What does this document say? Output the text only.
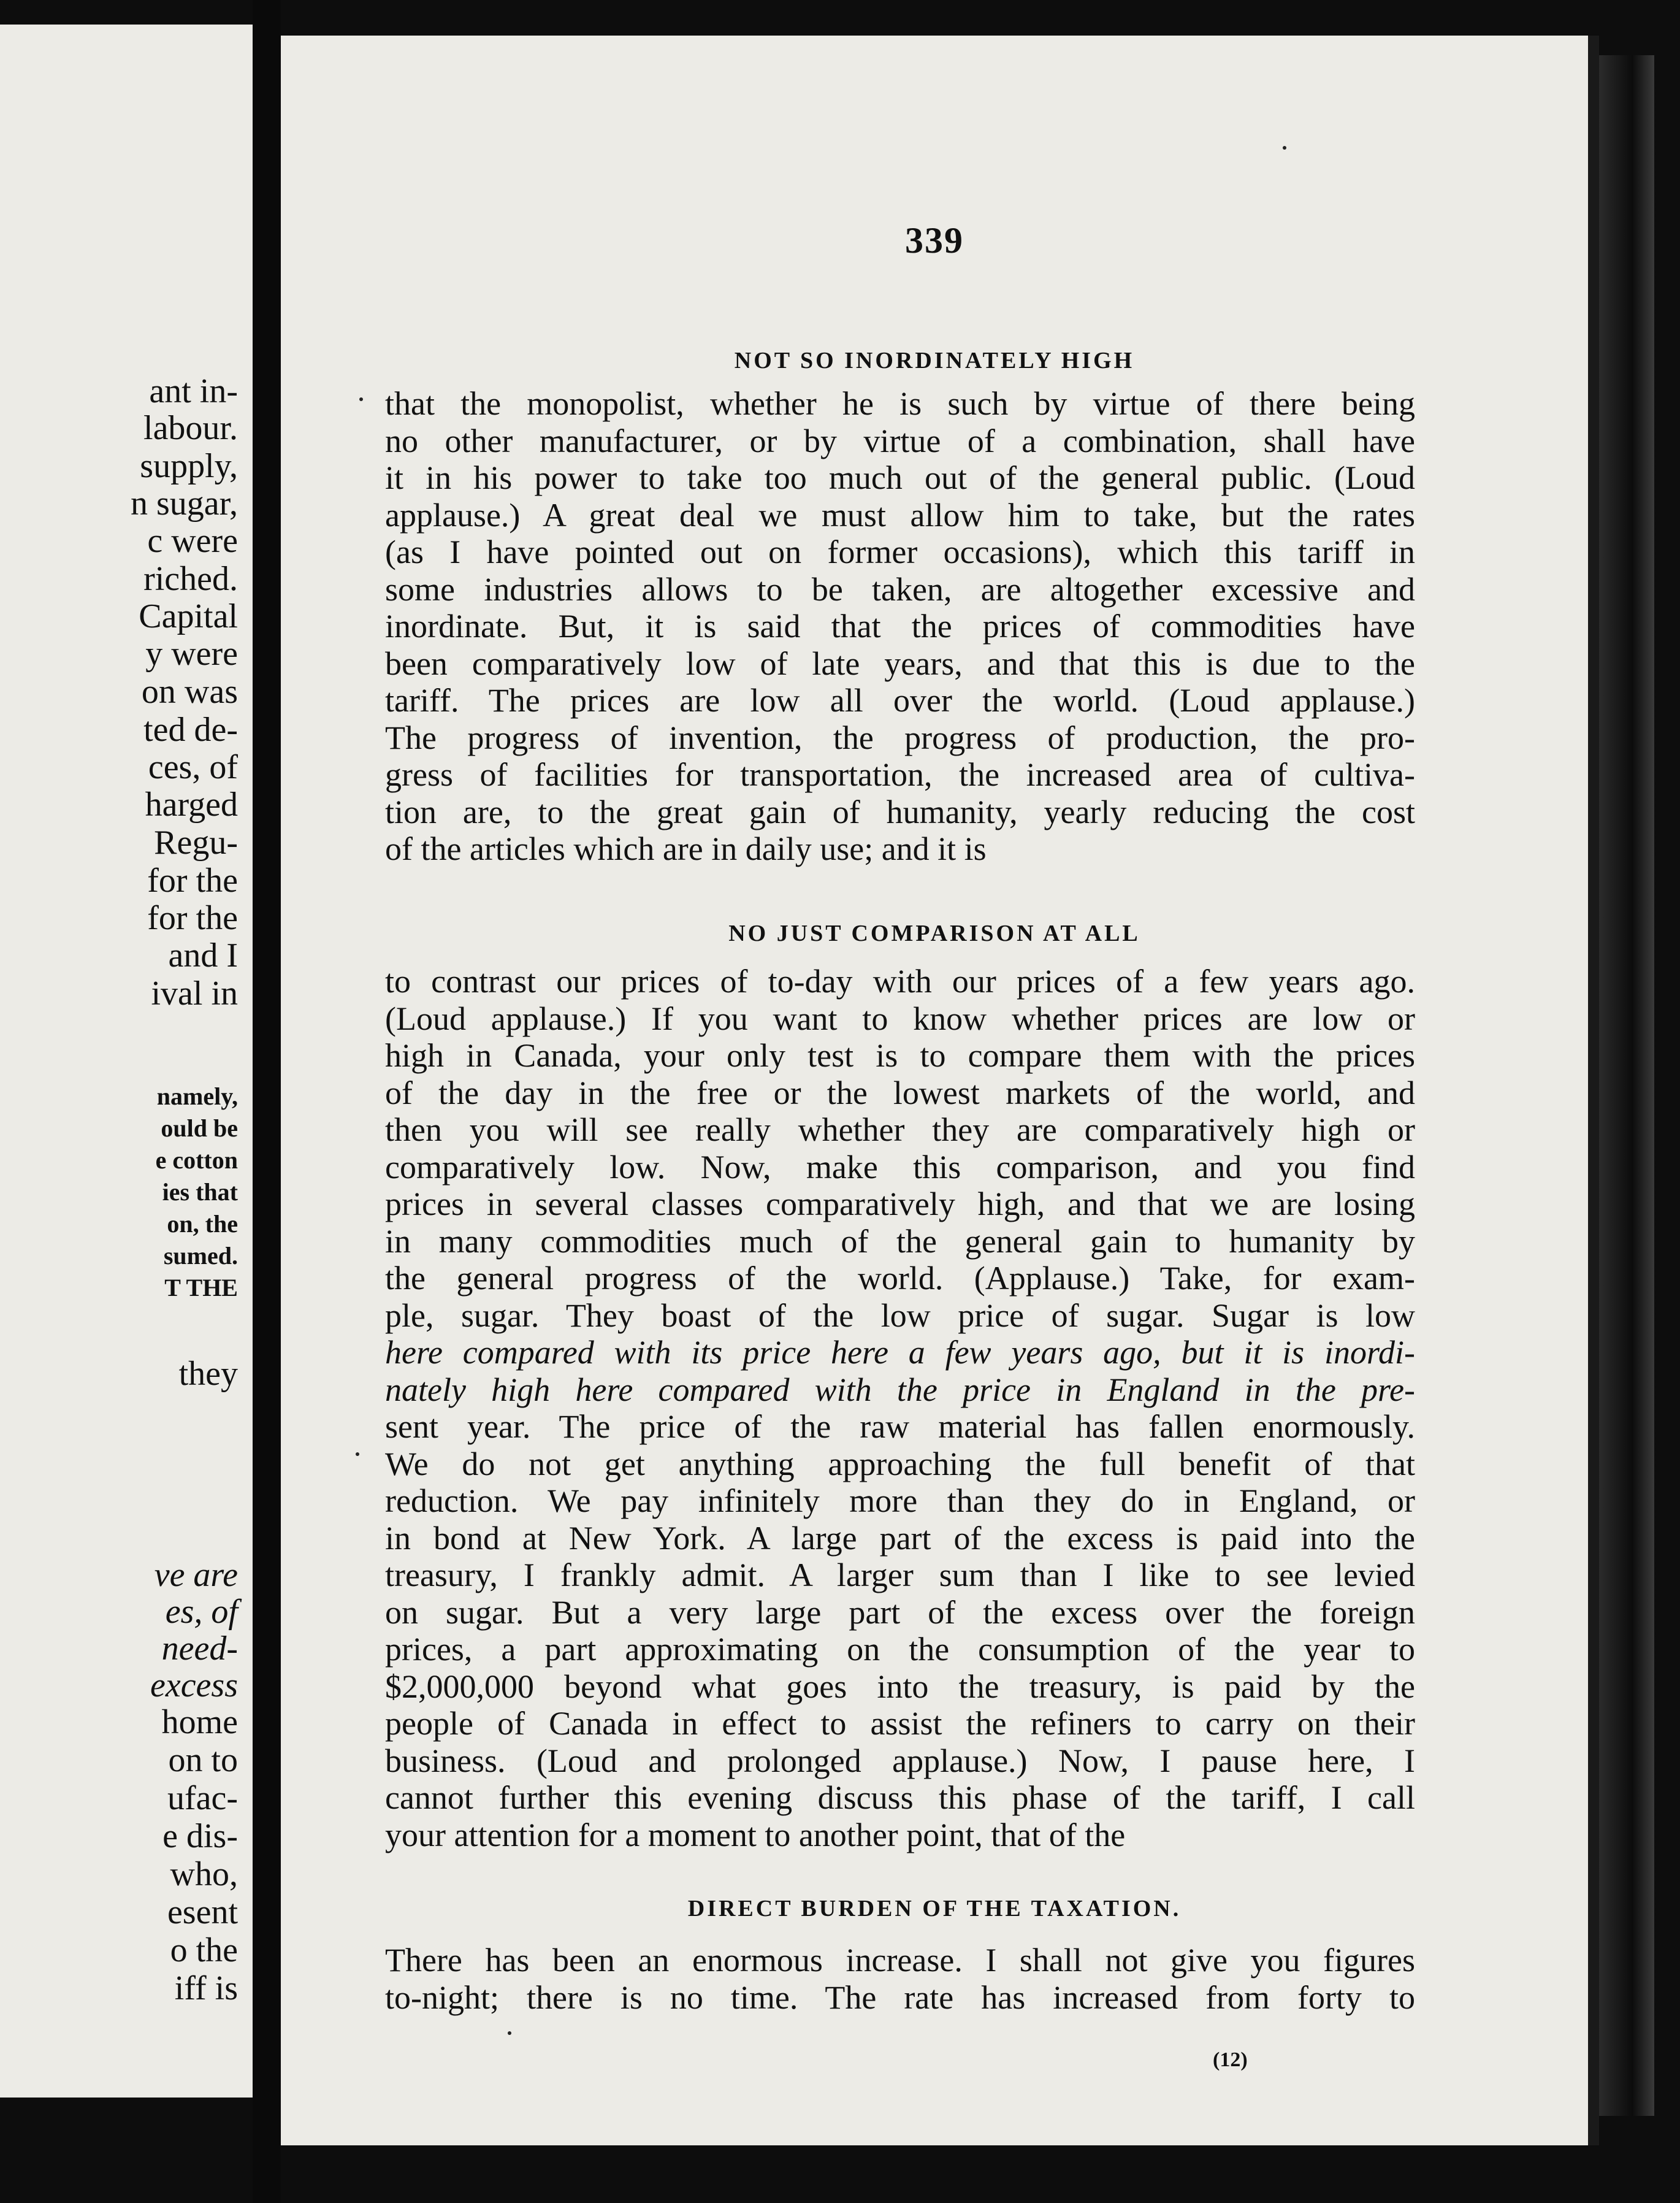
ant in-
labour.
supply,
n sugar,
c were
riched.
Capital
y were
on was
ted de-
ces, of
harged
Regu-
for the
for the
and I
ival in
namely,
ould be
e cotton
ies that
on, the
sumed.
T THE
they
ve are
es, of
need-
excess
home
on to
ufac-
e dis-
who,
esent
o the
iff is
339
NOT SO INORDINATELY HIGH
that the monopolist, whether he is such by virtue of there being
no other manufacturer, or by virtue of a combination, shall have
it in his power to take too much out of the general public. (Loud
applause.) A great deal we must allow him to take, but the rates
(as I have pointed out on former occasions), which this tariff in
some industries allows to be taken, are altogether excessive and
inordinate. But, it is said that the prices of commodities have
been comparatively low of late years, and that this is due to the
tariff. The prices are low all over the world. (Loud applause.)
The progress of invention, the progress of production, the pro-
gress of facilities for transportation, the increased area of cultiva-
tion are, to the great gain of humanity, yearly reducing the cost
of the articles which are in daily use; and it is
NO JUST COMPARISON AT ALL
to contrast our prices of to-day with our prices of a few years ago.
(Loud applause.) If you want to know whether prices are low or
high in Canada, your only test is to compare them with the prices
of the day in the free or the lowest markets of the world, and
then you will see really whether they are comparatively high or
comparatively low. Now, make this comparison, and you find
prices in several classes comparatively high, and that we are losing
in many commodities much of the general gain to humanity by
the general progress of the world. (Applause.) Take, for exam-
ple, sugar. They boast of the low price of sugar. Sugar is low
here compared with its price here a few years ago, but it is inordi-
nately high here compared with the price in England in the pre-
sent year. The price of the raw material has fallen enormously.
We do not get anything approaching the full benefit of that
reduction. We pay infinitely more than they do in England, or
in bond at New York. A large part of the excess is paid into the
treasury, I frankly admit. A larger sum than I like to see levied
on sugar. But a very large part of the excess over the foreign
prices, a part approximating on the consumption of the year to
$2,000,000 beyond what goes into the treasury, is paid by the
people of Canada in effect to assist the refiners to carry on their
business. (Loud and prolonged applause.) Now, I pause here, I
cannot further this evening discuss this phase of the tariff, I call
your attention for a moment to another point, that of the
DIRECT BURDEN OF THE TAXATION.
There has been an enormous increase. I shall not give you figures
to-night; there is no time. The rate has increased from forty to
(12)
